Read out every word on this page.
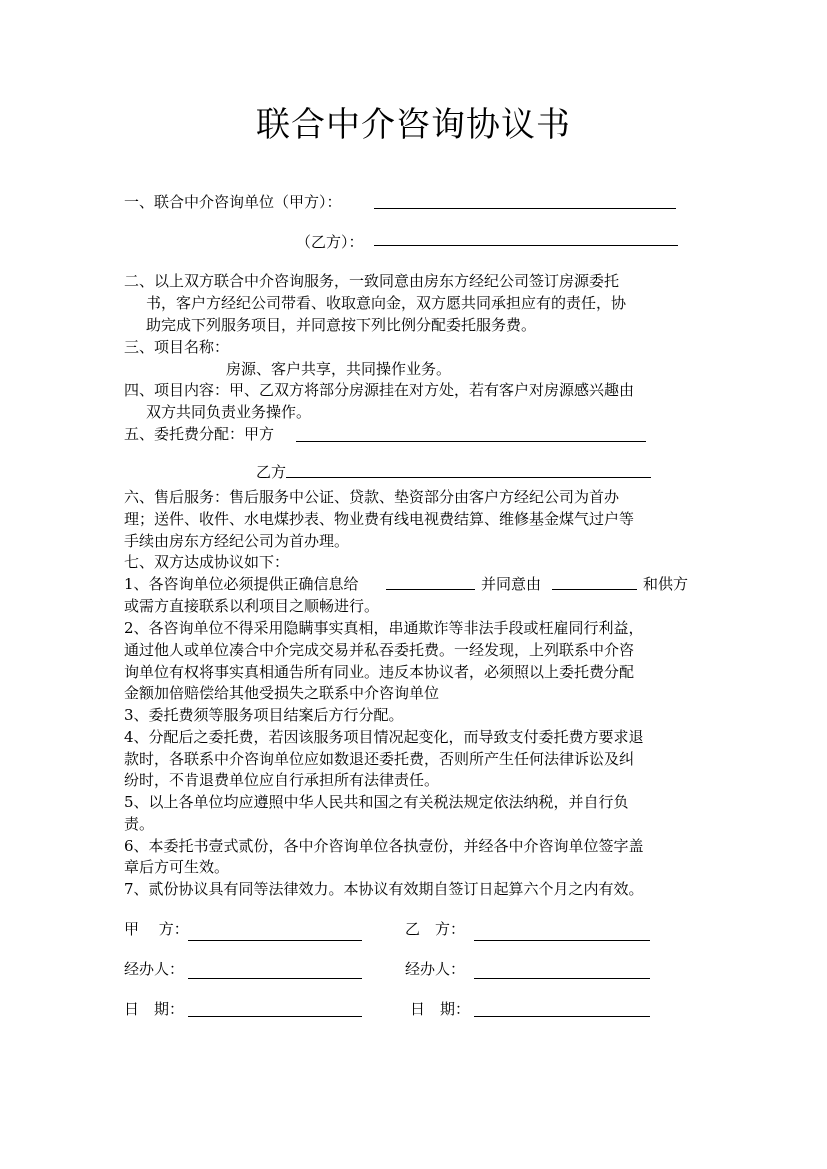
联合中介咨询协议书
一、联合中介咨询单位（甲方）：
（乙方）：
二、以上双方联合中介咨询服务，一致同意由房东方经纪公司签订房源委托
书，客户方经纪公司带看、收取意向金，双方愿共同承担应有的责任，协
助完成下列服务项目，并同意按下列比例分配委托服务费。
三、项目名称：
房源、客户共享，共同操作业务。
四、项目内容：甲、乙双方将部分房源挂在对方处，若有客户对房源感兴趣由
双方共同负责业务操作。
五、委托费分配：甲方
乙方
六、售后服务：售后服务中公证、贷款、垫资部分由客户方经纪公司为首办
理；送件、收件、水电煤抄表、物业费有线电视费结算、维修基金煤气过户等
手续由房东方经纪公司为首办理。
七、双方达成协议如下：
1、各咨询单位必须提供正确信息给	并同意由	和供方
或需方直接联系以利项目之顺畅进行。
2、各咨询单位不得采用隐瞒事实真相，串通欺诈等非法手段或枉雇同行利益，
通过他人或单位凑合中介完成交易并私吞委托费。一经发现，上列联系中介咨
询单位有权将事实真相通告所有同业。违反本协议者，必须照以上委托费分配
金额加倍赔偿给其他受损失之联系中介咨询单位
3、委托费须等服务项目结案后方行分配。
4、分配后之委托费，若因该服务项目情况起变化，而导致支付委托费方要求退
款时，各联系中介咨询单位应如数退还委托费，否则所产生任何法律诉讼及纠
纷时，不肯退费单位应自行承担所有法律责任。
5、以上各单位均应遵照中华人民共和国之有关税法规定依法纳税，并自行负
责。
6、本委托书壹式贰份，各中介咨询单位各执壹份，并经各中介咨询单位签字盖
章后方可生效。
7、贰份协议具有同等法律效力。本协议有效期自签订日起算六个月之内有效。
甲　 方：	乙　方：
经办人：	经办人：
日　期：	日　期：
